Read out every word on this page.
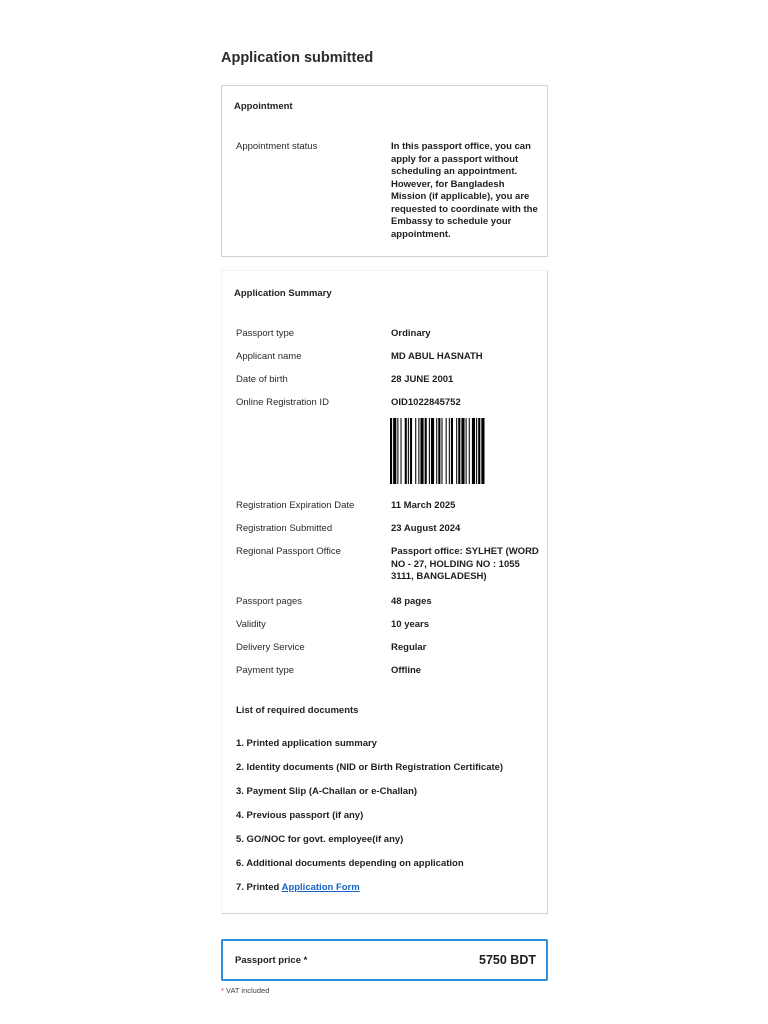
Application submitted
Appointment
Appointment status	In this passport office, you can apply for a passport without scheduling an appointment. However, for Bangladesh Mission (if applicable), you are requested to coordinate with the Embassy to schedule your appointment.
Application Summary
Passport type	Ordinary
Applicant name	MD ABUL HASNATH
Date of birth	28 JUNE 2001
Online Registration ID	OID1022845752
Registration Expiration Date	11 March 2025
Registration Submitted	23 August 2024
Regional Passport Office	Passport office: SYLHET (WORD NO - 27, HOLDING NO : 1055 3111, BANGLADESH)
Passport pages	48 pages
Validity	10 years
Delivery Service	Regular
Payment type	Offline
List of required documents
1. Printed application summary
2. Identity documents (NID or Birth Registration Certificate)
3. Payment Slip (A-Challan or e-Challan)
4. Previous passport (if any)
5. GO/NOC for govt. employee(if any)
6. Additional documents depending on application
7. Printed Application Form
Passport price *	5750 BDT
* VAT included
